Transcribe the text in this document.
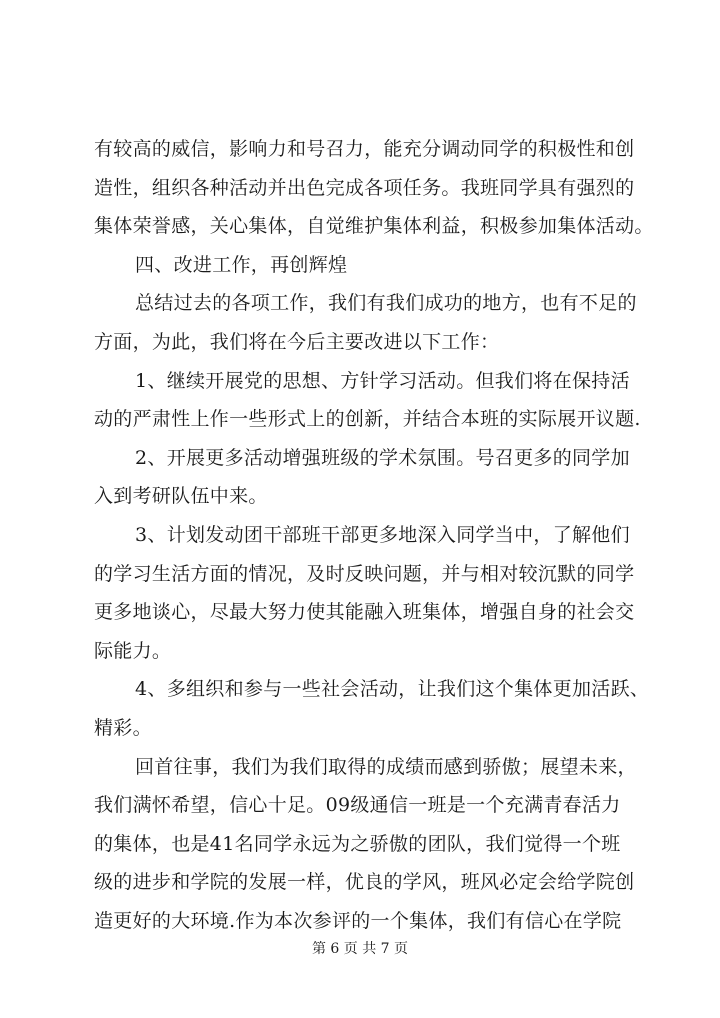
有较高的威信，影响力和号召力，能充分调动同学的积极性和创
造性，组织各种活动并出色完成各项任务。我班同学具有强烈的
集体荣誉感，关心集体，自觉维护集体利益，积极参加集体活动。
四、改进工作，再创辉煌
总结过去的各项工作，我们有我们成功的地方，也有不足的
方面，为此，我们将在今后主要改进以下工作：
1、继续开展党的思想、方针学习活动。但我们将在保持活
动的严肃性上作一些形式上的创新，并结合本班的实际展开议题.
2、开展更多活动增强班级的学术氛围。号召更多的同学加
入到考研队伍中来。
3、计划发动团干部班干部更多地深入同学当中，了解他们
的学习生活方面的情况，及时反映问题，并与相对较沉默的同学
更多地谈心，尽最大努力使其能融入班集体，增强自身的社会交
际能力。
4、多组织和参与一些社会活动，让我们这个集体更加活跃、
精彩。
回首往事，我们为我们取得的成绩而感到骄傲；展望未来，
我们满怀希望，信心十足。09级通信一班是一个充满青春活力
的集体，也是41名同学永远为之骄傲的团队，我们觉得一个班
级的进步和学院的发展一样，优良的学风，班风必定会给学院创
造更好的大环境.作为本次参评的一个集体，我们有信心在学院
第 6 页 共 7 页
